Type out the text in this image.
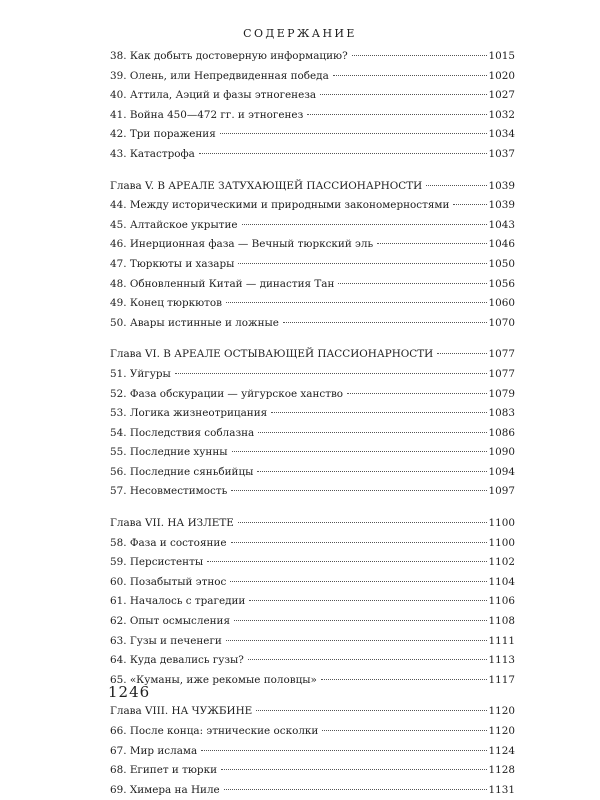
СОДЕРЖАНИЕ
38. Как добыть достоверную информацию?	1015
39. Олень, или Непредвиденная победа	1020
40. Аттила, Аэций и фазы этногенеза	1027
41. Война 450—472 гг. и этногенез	1032
42. Три поражения	1034
43. Катастрофа	1037
Глава V. В АРЕАЛЕ ЗАТУХАЮЩЕЙ ПАССИОНАРНОСТИ	1039
44. Между историческими и природными закономерностями	1039
45. Алтайское укрытие	1043
46. Инерционная фаза — Вечный тюркский эль	1046
47. Тюркюты и хазары	1050
48. Обновленный Китай — династия Тан	1056
49. Конец тюркютов	1060
50. Авары истинные и ложные	1070
Глава VI. В АРЕАЛЕ ОСТЫВАЮЩЕЙ ПАССИОНАРНОСТИ	1077
51. Уйгуры	1077
52. Фаза обскурации — уйгурское ханство	1079
53. Логика жизнеотрицания	1083
54. Последствия соблазна	1086
55. Последние хунны	1090
56. Последние сяньбийцы	1094
57. Несовместимость	1097
Глава VII. НА ИЗЛЕТЕ	1100
58. Фаза и состояние	1100
59. Персистенты	1102
60. Позабытый этнос	1104
61. Началось с трагедии	1106
62. Опыт осмысления	1108
63. Гузы и печенеги	1111
64. Куда девались гузы?	1113
65. «Куманы, иже рекомые половцы»	1117
Глава VIII. НА ЧУЖБИНЕ	1120
66. После конца: этнические осколки	1120
67. Мир ислама	1124
68. Египет и тюрки	1128
69. Химера на Ниле	1131
1246
